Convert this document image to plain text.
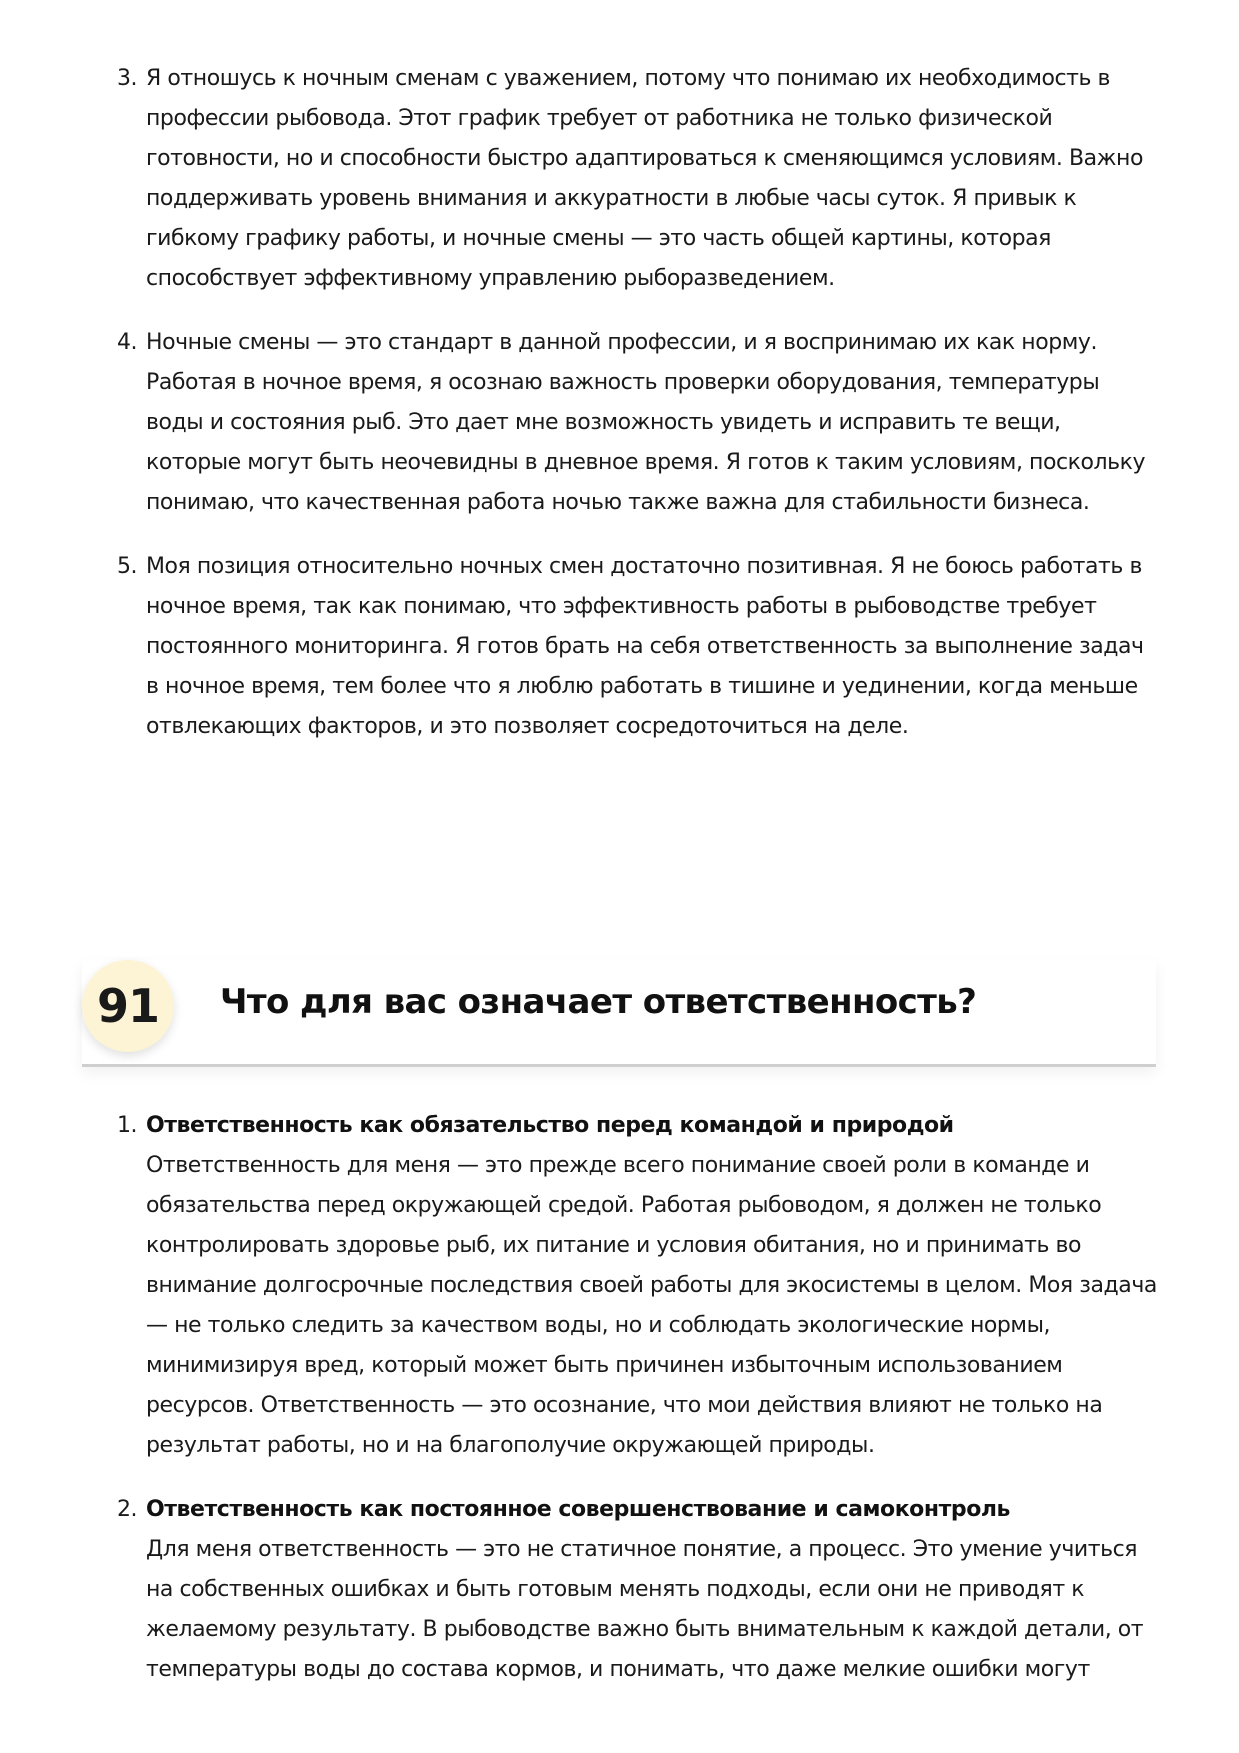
3. Я отношусь к ночным сменам с уважением, потому что понимаю их необходимость в профессии рыбовода. Этот график требует от работника не только физической готовности, но и способности быстро адаптироваться к сменяющимся условиям. Важно поддерживать уровень внимания и аккуратности в любые часы суток. Я привык к гибкому графику работы, и ночные смены — это часть общей картины, которая способствует эффективному управлению рыборазведением.
4. Ночные смены — это стандарт в данной профессии, и я воспринимаю их как норму. Работая в ночное время, я осознаю важность проверки оборудования, температуры воды и состояния рыб. Это дает мне возможность увидеть и исправить те вещи, которые могут быть неочевидны в дневное время. Я готов к таким условиям, поскольку понимаю, что качественная работа ночью также важна для стабильности бизнеса.
5. Моя позиция относительно ночных смен достаточно позитивная. Я не боюсь работать в ночное время, так как понимаю, что эффективность работы в рыбоводстве требует постоянного мониторинга. Я готов брать на себя ответственность за выполнение задач в ночное время, тем более что я люблю работать в тишине и уединении, когда меньше отвлекающих факторов, и это позволяет сосредоточиться на деле.
91	Что для вас означает ответственность?
1. Ответственность как обязательство перед командой и природой
Ответственность для меня — это прежде всего понимание своей роли в команде и обязательства перед окружающей средой. Работая рыбоводом, я должен не только контролировать здоровье рыб, их питание и условия обитания, но и принимать во внимание долгосрочные последствия своей работы для экосистемы в целом. Моя задача — не только следить за качеством воды, но и соблюдать экологические нормы, минимизируя вред, который может быть причинен избыточным использованием ресурсов. Ответственность — это осознание, что мои действия влияют не только на результат работы, но и на благополучие окружающей природы.
2. Ответственность как постоянное совершенствование и самоконтроль
Для меня ответственность — это не статичное понятие, а процесс. Это умение учиться на собственных ошибках и быть готовым менять подходы, если они не приводят к желаемому результату. В рыбоводстве важно быть внимательным к каждой детали, от температуры воды до состава кормов, и понимать, что даже мелкие ошибки могут
